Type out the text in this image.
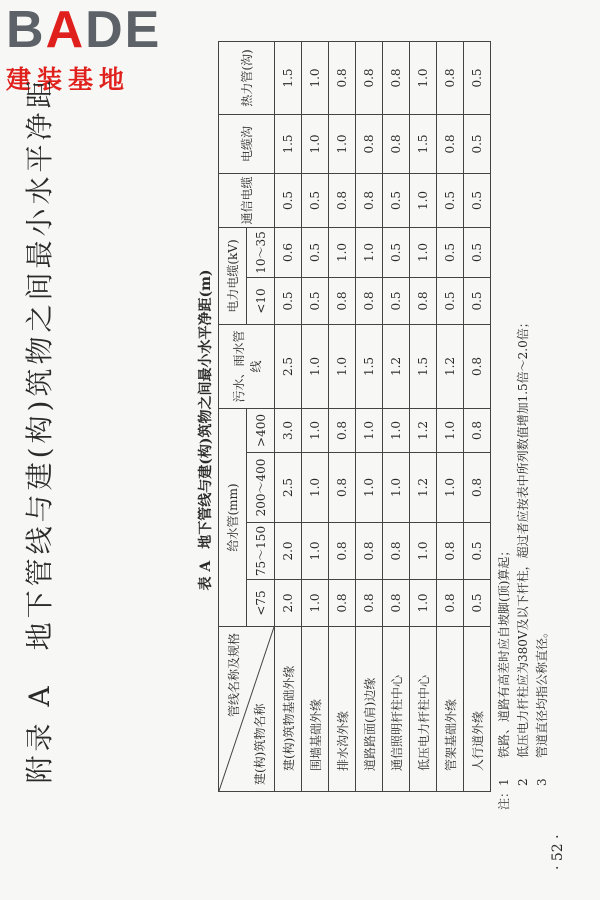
BADE
建装基地
附录 A　地下管线与建(构)筑物之间最小水平净距	表 A地下管线与建(构)筑物之间最小水平净距(m)
管线名称及规格
建(构)筑物名称	给水管(mm)				污水、雨水管线	电力电缆(kV)		通信电缆	电缆沟	热力管(沟)
	<75	75～150	200～400	>400		<10	10～35			
建(构)筑物基础外缘	2.0	2.0	2.5	3.0	2.5	0.5	0.6	0.5	1.5	1.5
围墙基础外缘	1.0	1.0	1.0	1.0	1.0	0.5	0.5	0.5	1.0	1.0
排水沟外缘	0.8	0.8	0.8	0.8	1.0	0.8	1.0	0.8	1.0	0.8
道路路面(肩)边缘	0.8	0.8	1.0	1.0	1.5	0.8	1.0	0.8	0.8	0.8
通信照明杆柱中心	0.8	0.8	1.0	1.0	1.2	0.5	0.5	0.5	0.8	0.8
低压电力杆柱中心	1.0	1.0	1.2	1.2	1.5	0.8	1.0	1.0	1.5	1.0
管架基础外缘	0.8	0.8	1.0	1.0	1.2	0.5	0.5	0.5	0.8	0.8
人行道外缘	0.5	0.5	0.8	0.8	0.8	0.5	0.5	0.5	0.5	0.5
注：1铁路、道路有高差时应自坡脚(顶)算起；
2低压电力杆柱应为380V及以下杆柱，超过者应按表中所列数值增加1.5倍～2.0倍；
3管道直径均指公称直径。
· 52 ·
